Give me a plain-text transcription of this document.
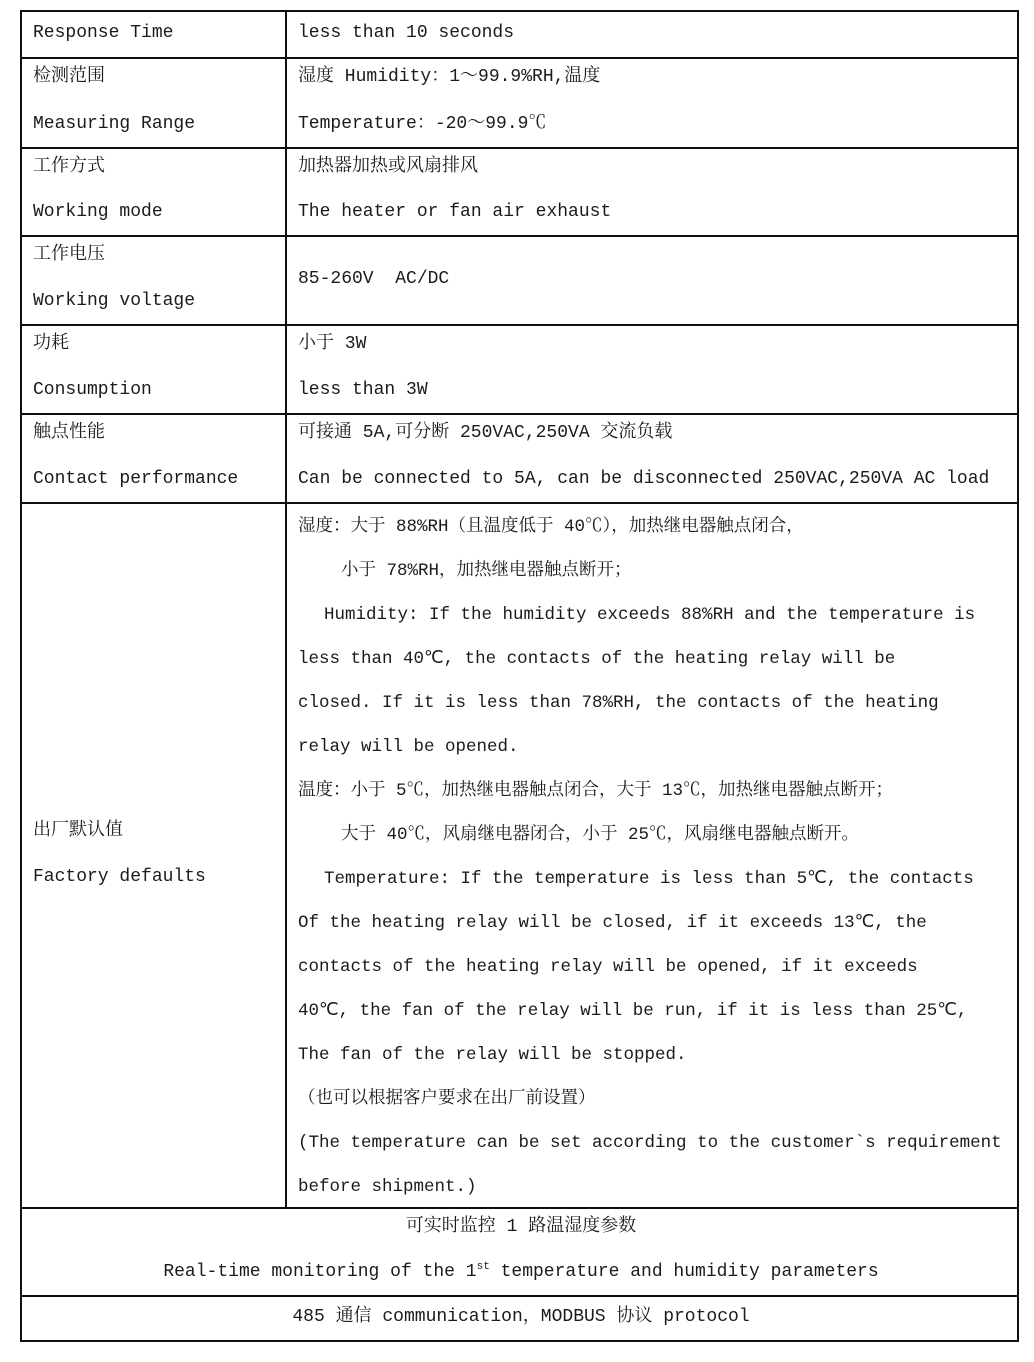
Response Time	less than 10 seconds
检测范围
Measuring Range
湿度 Humidity：1～99.9%RH,温度
Temperature：-20～99.9℃
工作方式
Working mode
加热器加热或风扇排风
The heater or fan air exhaust
工作电压
Working voltage
85-260V  AC/DC
功耗
Consumption
小于 3W
less than 3W
触点性能
Contact performance
可接通 5A,可分断 250VAC,250VA 交流负载
Can be connected to 5A, can be disconnected 250VAC,250VA AC load
出厂默认值
Factory defaults
湿度：大于 88%RH（且温度低于 40℃），加热继电器触点闭合，
小于 78%RH，加热继电器触点断开；
Humidity: If the humidity exceeds 88%RH and the temperature is
less than 40℃, the contacts of the heating relay will be
closed. If it is less than 78%RH, the contacts of the heating
relay will be opened.
温度：小于 5℃，加热继电器触点闭合，大于 13℃，加热继电器触点断开；
大于 40℃，风扇继电器闭合，小于 25℃，风扇继电器触点断开。
Temperature: If the temperature is less than 5℃, the contacts
Of the heating relay will be closed, if it exceeds 13℃, the
contacts of the heating relay will be opened, if it exceeds
40℃, the fan of the relay will be run, if it is less than 25℃,
The fan of the relay will be stopped.
（也可以根据客户要求在出厂前设置）
(The temperature can be set according to the customer`s requirement
before shipment.)
可实时监控 1 路温湿度参数
Real-time monitoring of the 1st temperature and humidity parameters
485 通信 communication，MODBUS 协议 protocol
